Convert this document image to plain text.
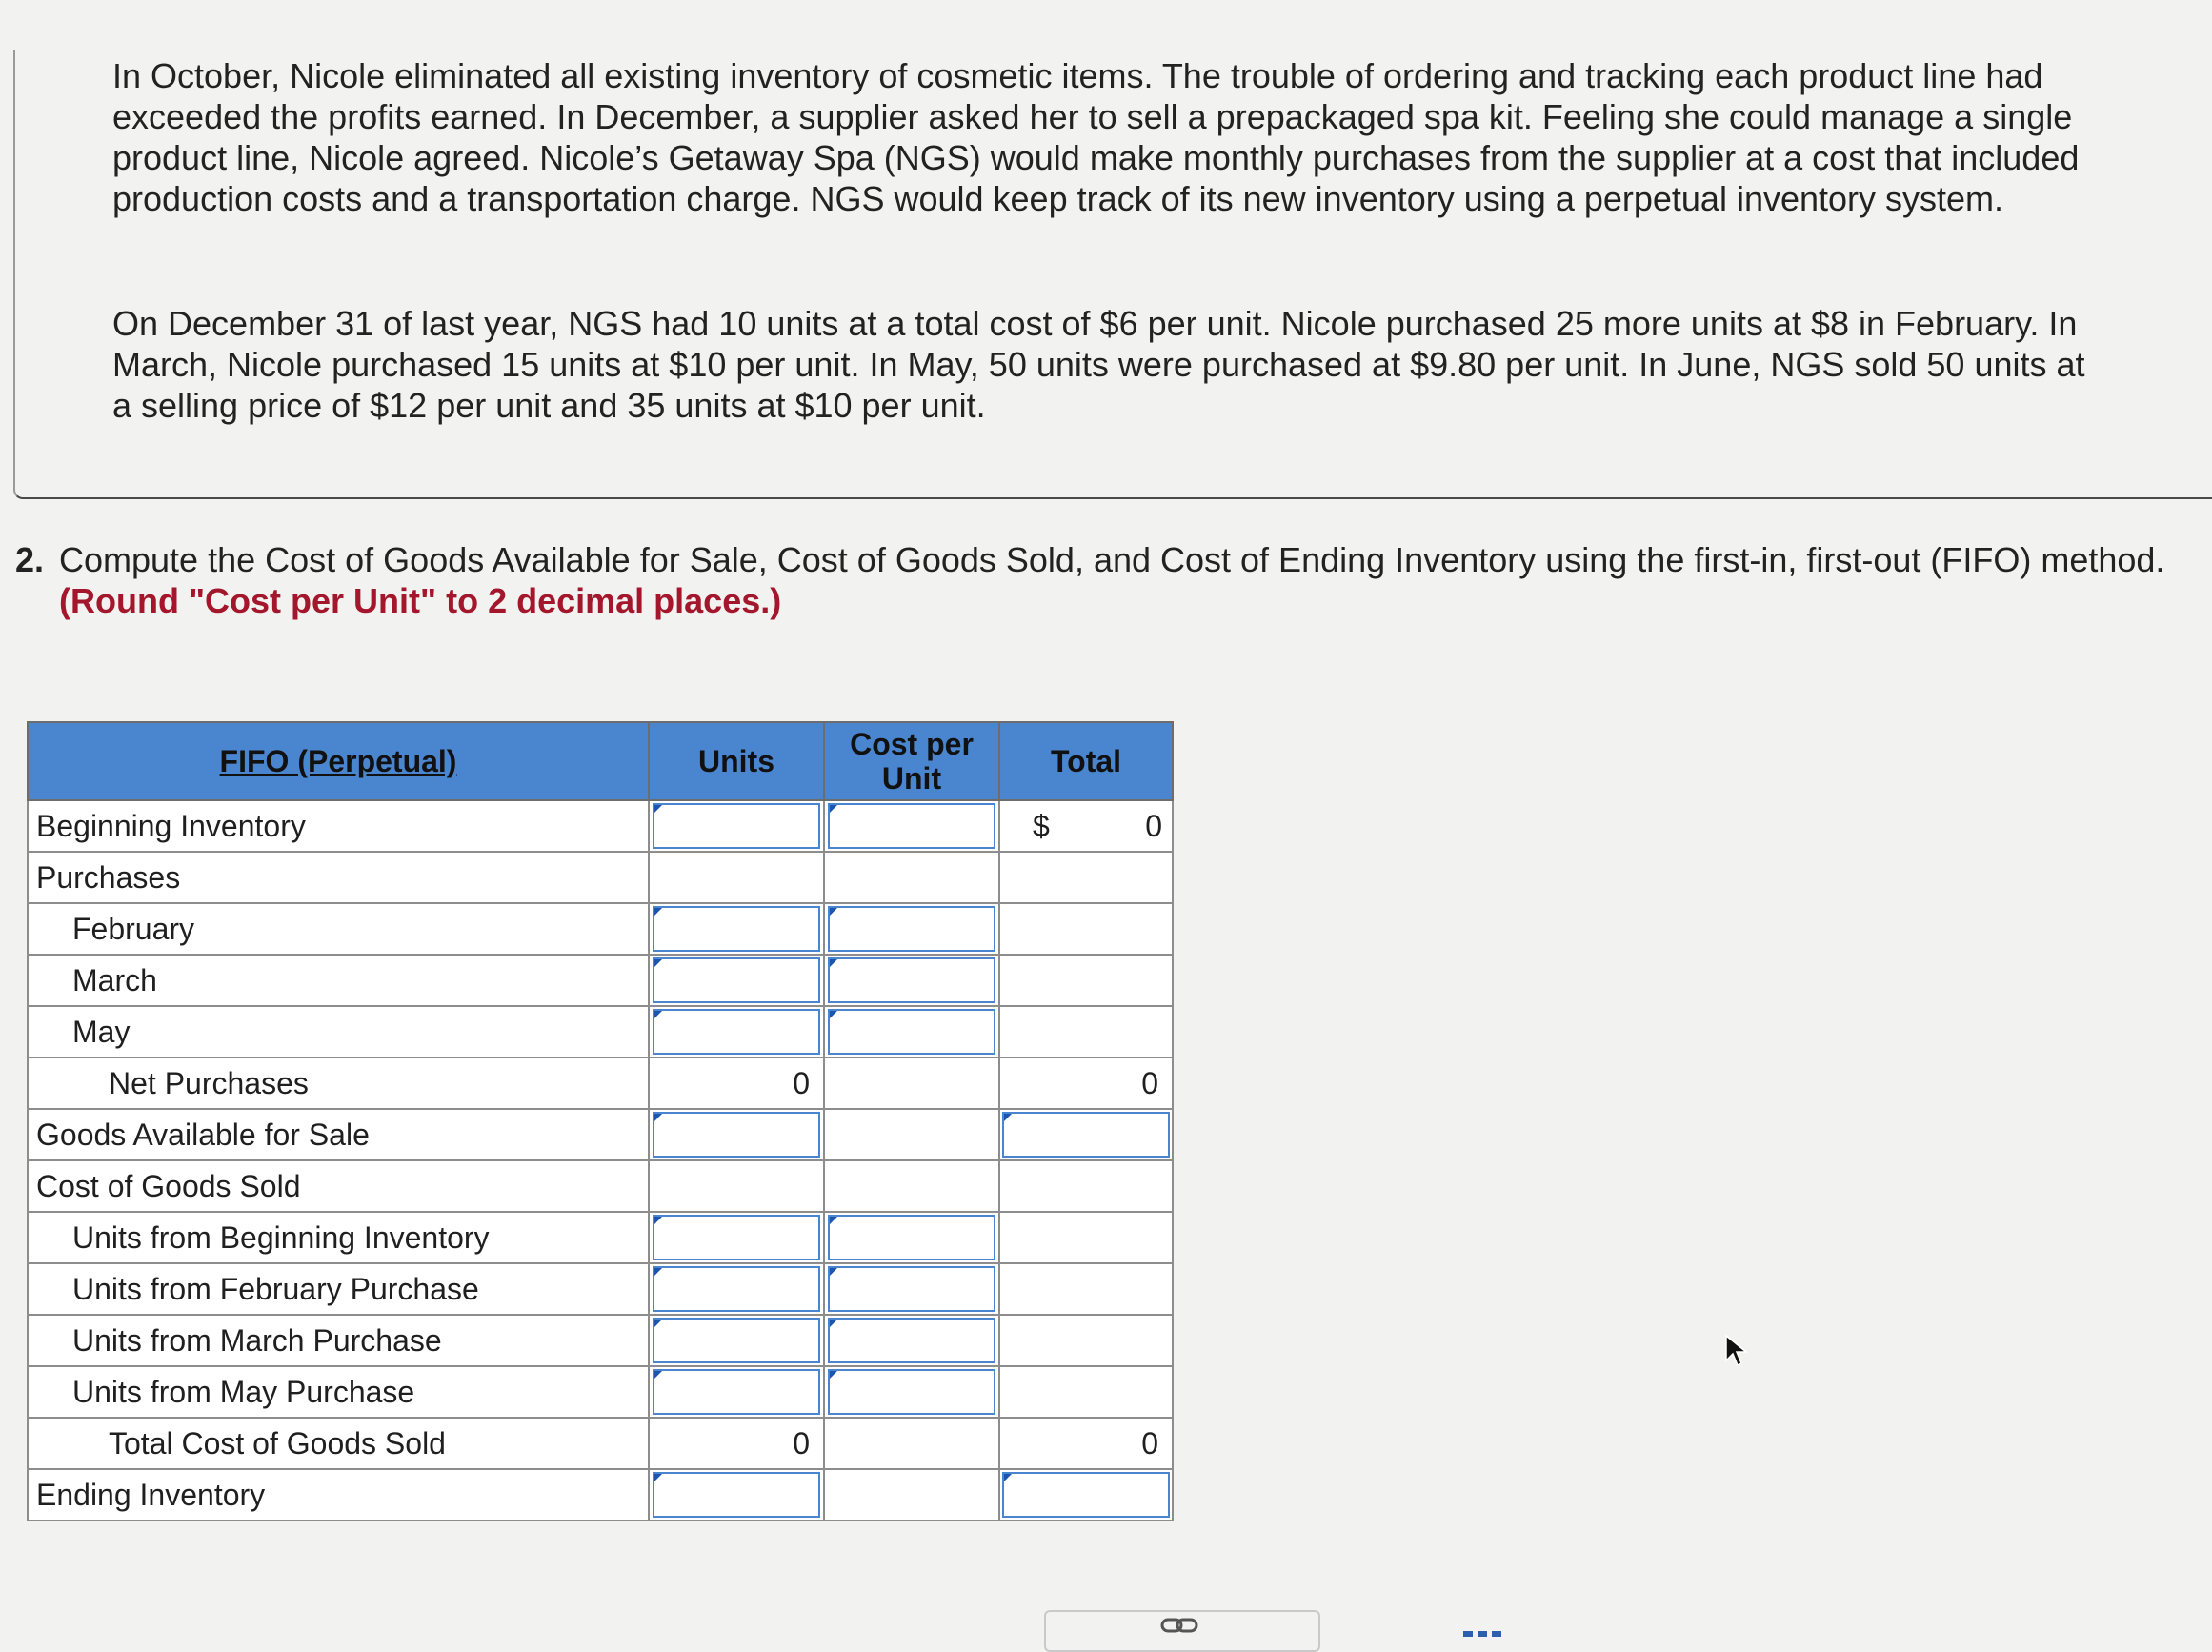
In October, Nicole eliminated all existing inventory of cosmetic items. The trouble of ordering and tracking each product line had exceeded the profits earned. In December, a supplier asked her to sell a prepackaged spa kit. Feeling she could manage a single product line, Nicole agreed. Nicole’s Getaway Spa (NGS) would make monthly purchases from the supplier at a cost that included production costs and a transportation charge. NGS would keep track of its new inventory using a perpetual inventory system.

On December 31 of last year, NGS had 10 units at a total cost of $6 per unit. Nicole purchased 25 more units at $8 in February. In March, Nicole purchased 15 units at $10 per unit. In May, 50 units were purchased at $9.80 per unit. In June, NGS sold 50 units at a selling price of $12 per unit and 35 units at $10 per unit.

2. Compute the Cost of Goods Available for Sale, Cost of Goods Sold, and Cost of Ending Inventory using the first-in, first-out (FIFO) method. (Round "Cost per Unit" to 2 decimal places.)
FIFO (Perpetual)	Units	Cost per Unit	Total
Beginning Inventory			$ 0

Purchases			
February	

March	

May	

Net Purchases	0		0

Goods Available for Sale	

Cost of Goods Sold			
Units from Beginning Inventory	

Units from February Purchase	

Units from March Purchase	

Units from May Purchase	

Total Cost of Goods Sold	0		0

Ending Inventory	
